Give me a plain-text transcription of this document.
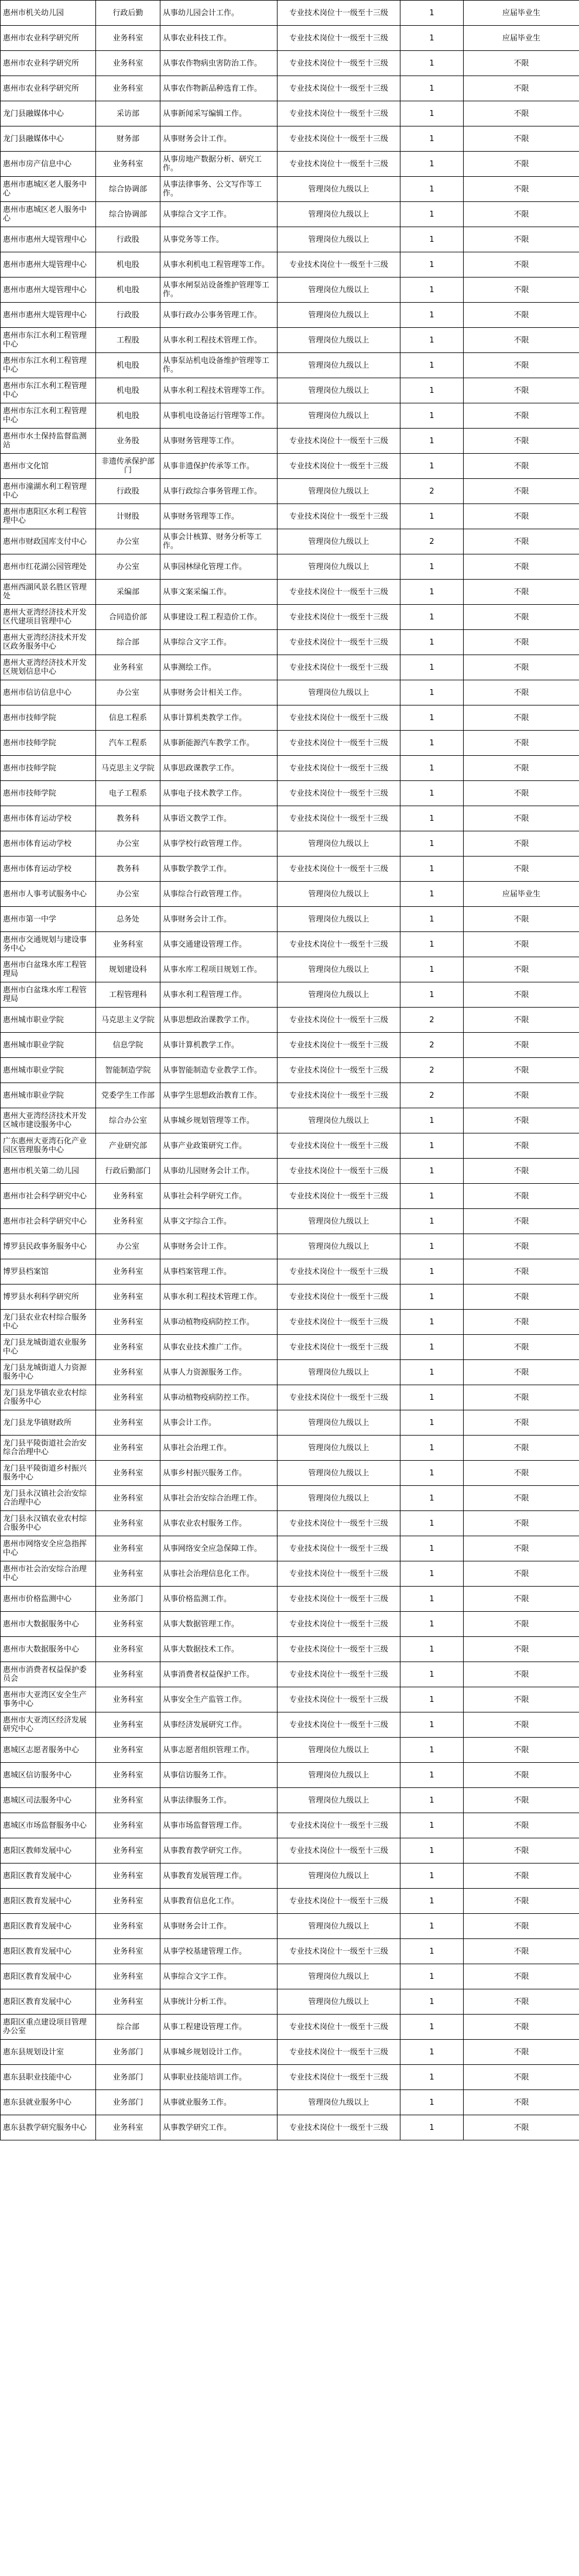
惠州市机关幼儿园	行政后勤	从事幼儿园会计工作。	专业技术岗位十一级至十三级	1	应届毕业生
惠州市农业科学研究所	业务科室	从事农业科技工作。	专业技术岗位十一级至十三级	1	应届毕业生
惠州市农业科学研究所	业务科室	从事农作物病虫害防治工作。	专业技术岗位十一级至十三级	1	不限
惠州市农业科学研究所	业务科室	从事农作物新品种选育工作。	专业技术岗位十一级至十三级	1	不限
龙门县融媒体中心	采访部	从事新闻采写编辑工作。	专业技术岗位十一级至十三级	1	不限
龙门县融媒体中心	财务部	从事财务会计工作。	专业技术岗位十一级至十三级	1	不限
惠州市房产信息中心	业务科室	从事房地产数据分析、研究工作。	专业技术岗位十一级至十三级	1	不限
惠州市惠城区老人服务中心	综合协调部	从事法律事务、公文写作等工作。	管理岗位九级以上	1	不限
惠州市惠城区老人服务中心	综合协调部	从事综合文字工作。	管理岗位九级以上	1	不限
惠州市惠州大堤管理中心	行政股	从事党务等工作。	管理岗位九级以上	1	不限
惠州市惠州大堤管理中心	机电股	从事水利机电工程管理等工作。	专业技术岗位十一级至十三级	1	不限
惠州市惠州大堤管理中心	机电股	从事水闸泵站设备维护管理等工作。	管理岗位九级以上	1	不限
惠州市惠州大堤管理中心	行政股	从事行政办公事务管理工作。	管理岗位九级以上	1	不限
惠州市东江水利工程管理中心	工程股	从事水利工程技术管理工作。	管理岗位九级以上	1	不限
惠州市东江水利工程管理中心	机电股	从事泵站机电设备维护管理等工作。	管理岗位九级以上	1	不限
惠州市东江水利工程管理中心	机电股	从事水利工程技术管理等工作。	管理岗位九级以上	1	不限
惠州市东江水利工程管理中心	机电股	从事机电设备运行管理等工作。	管理岗位九级以上	1	不限
惠州市水土保持监督监测站	业务股	从事财务管理等工作。	专业技术岗位十一级至十三级	1	不限
惠州市文化馆	非遗传承保护部门	从事非遗保护传承等工作。	专业技术岗位十一级至十三级	1	不限
惠州市潼湖水利工程管理中心	行政股	从事行政综合事务管理工作。	管理岗位九级以上	2	不限
惠州市惠阳区水利工程管理中心	计财股	从事财务管理等工作。	专业技术岗位十一级至十三级	1	不限
惠州市财政国库支付中心	办公室	从事会计核算、财务分析等工作。	管理岗位九级以上	2	不限
惠州市红花湖公园管理处	办公室	从事园林绿化管理工作。	管理岗位九级以上	1	不限
惠州西湖风景名胜区管理处	采编部	从事文案采编工作。	专业技术岗位十一级至十三级	1	不限
惠州大亚湾经济技术开发区代建项目管理中心	合同造价部	从事建设工程工程造价工作。	专业技术岗位十一级至十三级	1	不限
惠州大亚湾经济技术开发区政务服务中心	综合部	从事综合文字工作。	专业技术岗位十一级至十三级	1	不限
惠州大亚湾经济技术开发区规划信息中心	业务科室	从事测绘工作。	专业技术岗位十一级至十三级	1	不限
惠州市信访信息中心	办公室	从事财务会计相关工作。	管理岗位九级以上	1	不限
惠州市技师学院	信息工程系	从事计算机类教学工作。	专业技术岗位十一级至十三级	1	不限
惠州市技师学院	汽车工程系	从事新能源汽车教学工作。	专业技术岗位十一级至十三级	1	不限
惠州市技师学院	马克思主义学院	从事思政课教学工作。	专业技术岗位十一级至十三级	1	不限
惠州市技师学院	电子工程系	从事电子技术教学工作。	专业技术岗位十一级至十三级	1	不限
惠州市体育运动学校	教务科	从事语文教学工作。	专业技术岗位十一级至十三级	1	不限
惠州市体育运动学校	办公室	从事学校行政管理工作。	管理岗位九级以上	1	不限
惠州市体育运动学校	教务科	从事数学教学工作。	专业技术岗位十一级至十三级	1	不限
惠州市人事考试服务中心	办公室	从事综合行政管理工作。	管理岗位九级以上	1	应届毕业生
惠州市第一中学	总务处	从事财务会计工作。	管理岗位九级以上	1	不限
惠州市交通规划与建设事务中心	业务科室	从事交通建设管理工作。	专业技术岗位十一级至十三级	1	不限
惠州市白盆珠水库工程管理局	规划建设科	从事水库工程项目规划工作。	管理岗位九级以上	1	不限
惠州市白盆珠水库工程管理局	工程管理科	从事水利工程管理工作。	管理岗位九级以上	1	不限
惠州城市职业学院	马克思主义学院	从事思想政治课教学工作。	专业技术岗位十一级至十三级	2	不限
惠州城市职业学院	信息学院	从事计算机教学工作。	专业技术岗位十一级至十三级	2	不限
惠州城市职业学院	智能制造学院	从事智能制造专业教学工作。	专业技术岗位十一级至十三级	2	不限
惠州城市职业学院	党委学生工作部	从事学生思想政治教育工作。	专业技术岗位十一级至十三级	2	不限
惠州大亚湾经济技术开发区城市建设服务中心	综合办公室	从事城乡规划管理等工作。	管理岗位九级以上	1	不限
广东惠州大亚湾石化产业园区管理服务中心	产业研究部	从事产业政策研究工作。	专业技术岗位十一级至十三级	1	不限
惠州市机关第二幼儿园	行政后勤部门	从事幼儿园财务会计工作。	专业技术岗位十一级至十三级	1	不限
惠州市社会科学研究中心	业务科室	从事社会科学研究工作。	专业技术岗位十一级至十三级	1	不限
惠州市社会科学研究中心	业务科室	从事文字综合工作。	管理岗位九级以上	1	不限
博罗县民政事务服务中心	办公室	从事财务会计工作。	管理岗位九级以上	1	不限
博罗县档案馆	业务科室	从事档案管理工作。	专业技术岗位十一级至十三级	1	不限
博罗县水利科学研究所	业务科室	从事水利工程技术管理工作。	专业技术岗位十一级至十三级	1	不限
龙门县农业农村综合服务中心	业务科室	从事动植物疫病防控工作。	专业技术岗位十一级至十三级	1	不限
龙门县龙城街道农业服务中心	业务科室	从事农业技术推广工作。	专业技术岗位十一级至十三级	1	不限
龙门县龙城街道人力资源服务中心	业务科室	从事人力资源服务工作。	管理岗位九级以上	1	不限
龙门县龙华镇农业农村综合服务中心	业务科室	从事动植物疫病防控工作。	专业技术岗位十一级至十三级	1	不限
龙门县龙华镇财政所	业务科室	从事会计工作。	管理岗位九级以上	1	不限
龙门县平陵街道社会治安综合治理中心	业务科室	从事社会治理工作。	管理岗位九级以上	1	不限
龙门县平陵街道乡村振兴服务中心	业务科室	从事乡村振兴服务工作。	管理岗位九级以上	1	不限
龙门县永汉镇社会治安综合治理中心	业务科室	从事社会治安综合治理工作。	管理岗位九级以上	1	不限
龙门县永汉镇农业农村综合服务中心	业务科室	从事农业农村服务工作。	专业技术岗位十一级至十三级	1	不限
惠州市网络安全应急指挥中心	业务科室	从事网络安全应急保障工作。	专业技术岗位十一级至十三级	1	不限
惠州市社会治安综合治理中心	业务科室	从事社会治理信息化工作。	专业技术岗位十一级至十三级	1	不限
惠州市价格监测中心	业务部门	从事价格监测工作。	专业技术岗位十一级至十三级	1	不限
惠州市大数据服务中心	业务科室	从事大数据管理工作。	专业技术岗位十一级至十三级	1	不限
惠州市大数据服务中心	业务科室	从事大数据技术工作。	专业技术岗位十一级至十三级	1	不限
惠州市消费者权益保护委员会	业务科室	从事消费者权益保护工作。	专业技术岗位十一级至十三级	1	不限
惠州市大亚湾区安全生产事务中心	业务科室	从事安全生产监管工作。	专业技术岗位十一级至十三级	1	不限
惠州市大亚湾区经济发展研究中心	业务科室	从事经济发展研究工作。	专业技术岗位十一级至十三级	1	不限
惠城区志愿者服务中心	业务科室	从事志愿者组织管理工作。	管理岗位九级以上	1	不限
惠城区信访服务中心	业务科室	从事信访服务工作。	管理岗位九级以上	1	不限
惠城区司法服务中心	业务科室	从事法律服务工作。	管理岗位九级以上	1	不限
惠城区市场监督服务中心	业务科室	从事市场监督管理工作。	专业技术岗位十一级至十三级	1	不限
惠阳区教师发展中心	业务科室	从事教育教学研究工作。	专业技术岗位十一级至十三级	1	不限
惠阳区教育发展中心	业务科室	从事教育发展管理工作。	管理岗位九级以上	1	不限
惠阳区教育发展中心	业务科室	从事教育信息化工作。	专业技术岗位十一级至十三级	1	不限
惠阳区教育发展中心	业务科室	从事财务会计工作。	管理岗位九级以上	1	不限
惠阳区教育发展中心	业务科室	从事学校基建管理工作。	专业技术岗位十一级至十三级	1	不限
惠阳区教育发展中心	业务科室	从事综合文字工作。	管理岗位九级以上	1	不限
惠阳区教育发展中心	业务科室	从事统计分析工作。	管理岗位九级以上	1	不限
惠阳区重点建设项目管理办公室	综合部	从事工程建设管理工作。	专业技术岗位十一级至十三级	1	不限
惠东县规划设计室	业务部门	从事城乡规划设计工作。	专业技术岗位十一级至十三级	1	不限
惠东县职业技能中心	业务部门	从事职业技能培训工作。	专业技术岗位十一级至十三级	1	不限
惠东县就业服务中心	业务部门	从事就业服务工作。	管理岗位九级以上	1	不限
惠东县教学研究服务中心	业务科室	从事教学研究工作。	专业技术岗位十一级至十三级	1	不限
